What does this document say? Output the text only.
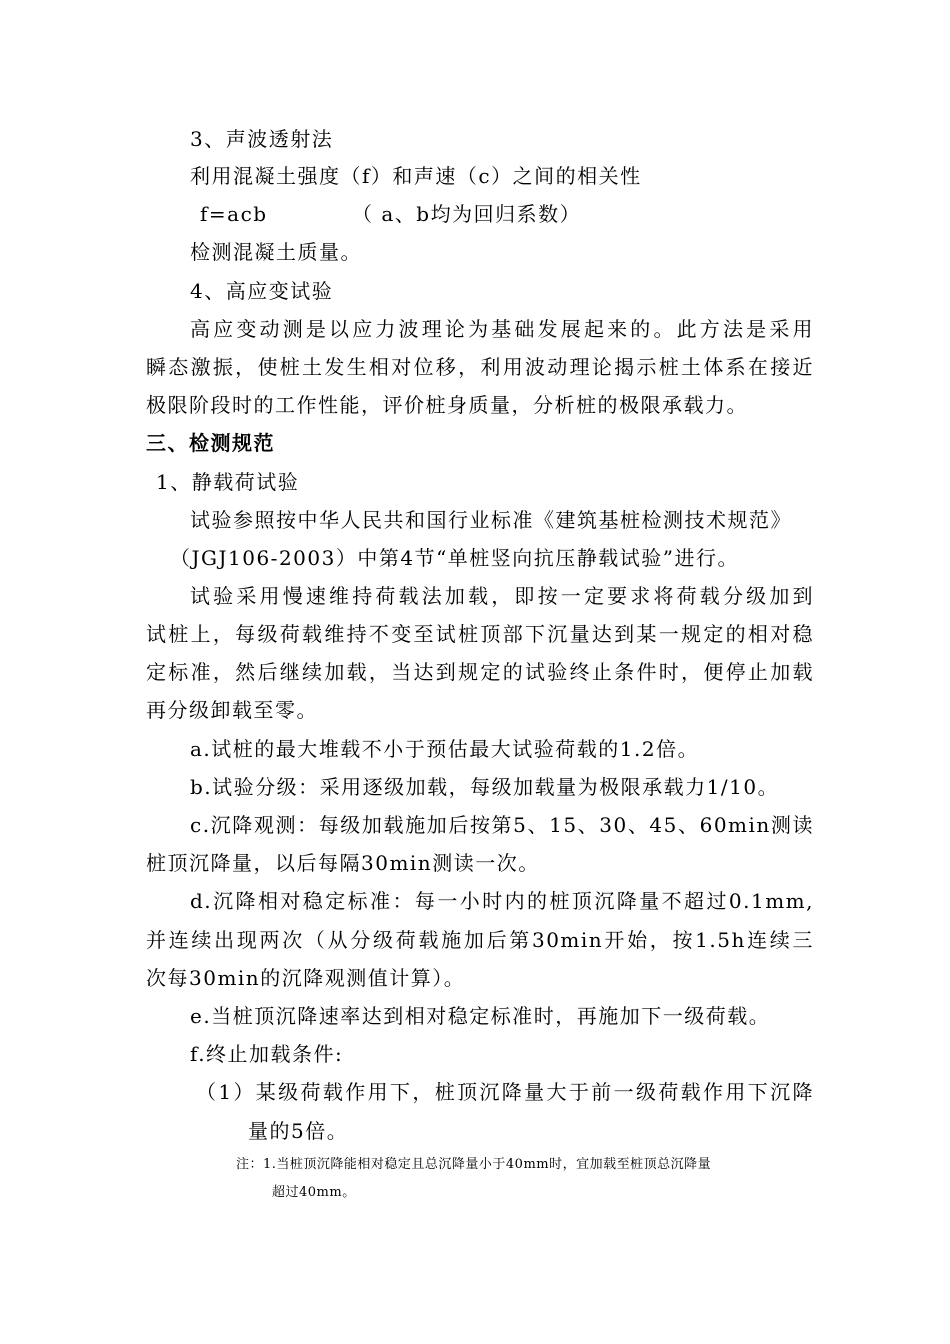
3、声波透射法
利用混凝土强度（f）和声速（c）之间的相关性
f=acb	（ a、b均为回归系数）
检测混凝土质量。
4、高应变试验
高应变动测是以应力波理论为基础发展起来的。此方法是采用
瞬态激振，使桩土发生相对位移，利用波动理论揭示桩土体系在接近
极限阶段时的工作性能，评价桩身质量，分析桩的极限承载力。
三、检测规范
1、静载荷试验
试验参照按中华人民共和国行业标准《建筑基桩检测技术规范》
（JGJ106-2003）中第4节“单桩竖向抗压静载试验”进行。
试验采用慢速维持荷载法加载，即按一定要求将荷载分级加到
试桩上，每级荷载维持不变至试桩顶部下沉量达到某一规定的相对稳
定标准，然后继续加载，当达到规定的试验终止条件时，便停止加载
再分级卸载至零。
a.试桩的最大堆载不小于预估最大试验荷载的1.2倍。
b.试验分级：采用逐级加载，每级加载量为极限承载力1/10。
c.沉降观测：每级加载施加后按第5、15、30、45、60min测读
桩顶沉降量，以后每隔30min测读一次。
d.沉降相对稳定标准：每一小时内的桩顶沉降量不超过0.1mm,
并连续出现两次（从分级荷载施加后第30min开始，按1.5h连续三
次每30min的沉降观测值计算）。
e.当桩顶沉降速率达到相对稳定标准时，再施加下一级荷载。
f.终止加载条件:
（1）某级荷载作用下，桩顶沉降量大于前一级荷载作用下沉降
量的5倍。
注：1.当桩顶沉降能相对稳定且总沉降量小于40mm时，宜加载至桩顶总沉降量
超过40mm。
